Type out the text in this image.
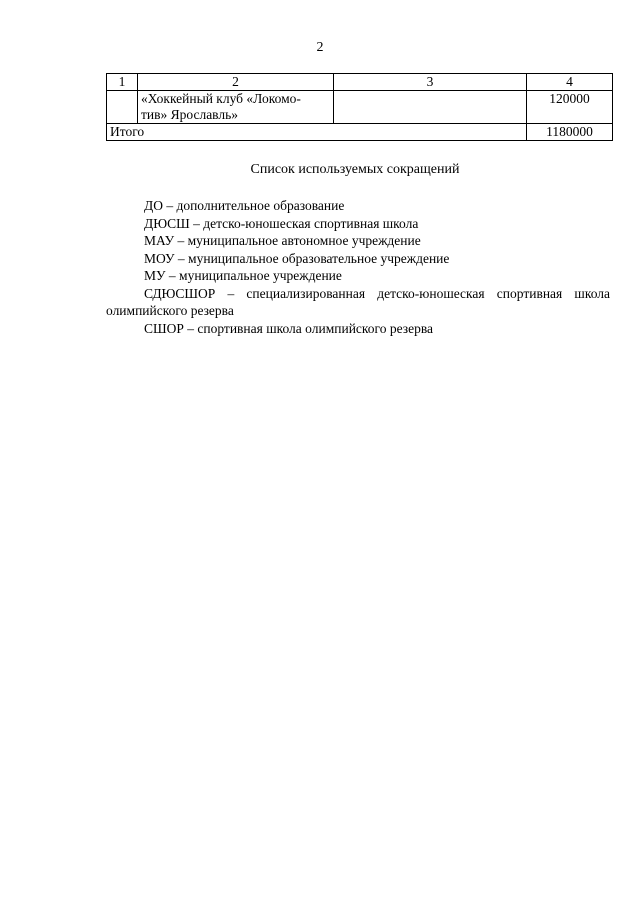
2
1	2	3	4

	«Хоккейный клуб «Локомо-
тив» Ярославль»		120000
Итого			1180000
Список используемых сокращений

ДО – дополнительное образование

ДЮСШ – детско-юношеская спортивная школа

МАУ – муниципальное автономное учреждение

МОУ – муниципальное образовательное учреждение

МУ – муниципальное учреждение

СДЮСШОР – специализированная детско-юношеская спортивная школа олимпийского резерва

СШОР – спортивная школа олимпийского резерва
